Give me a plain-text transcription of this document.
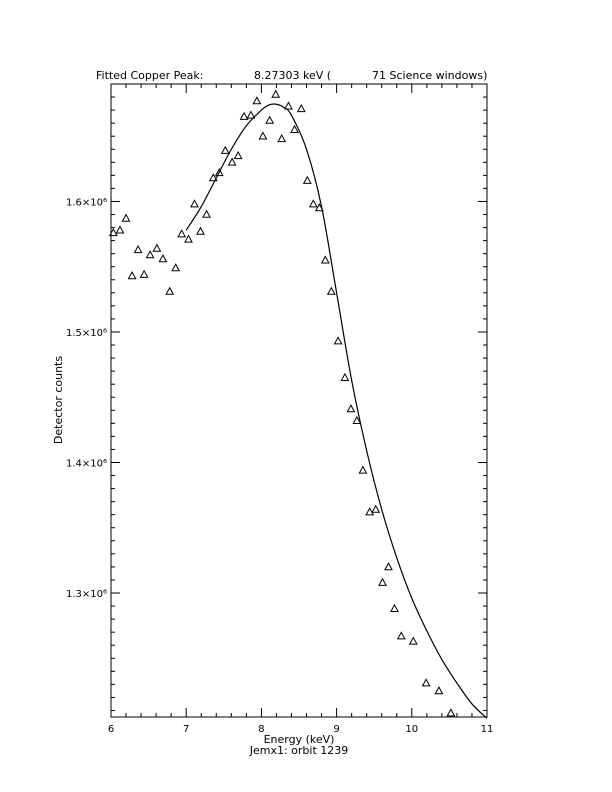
Fitted Copper Peak:	8.27303 keV (	71 Science windows)
Energy (keV)
Jemx1: orbit 1239
Detector counts
6	7	8	9	10	11
1.3×10⁶
1.4×10⁶
1.5×10⁶
1.6×10⁶
